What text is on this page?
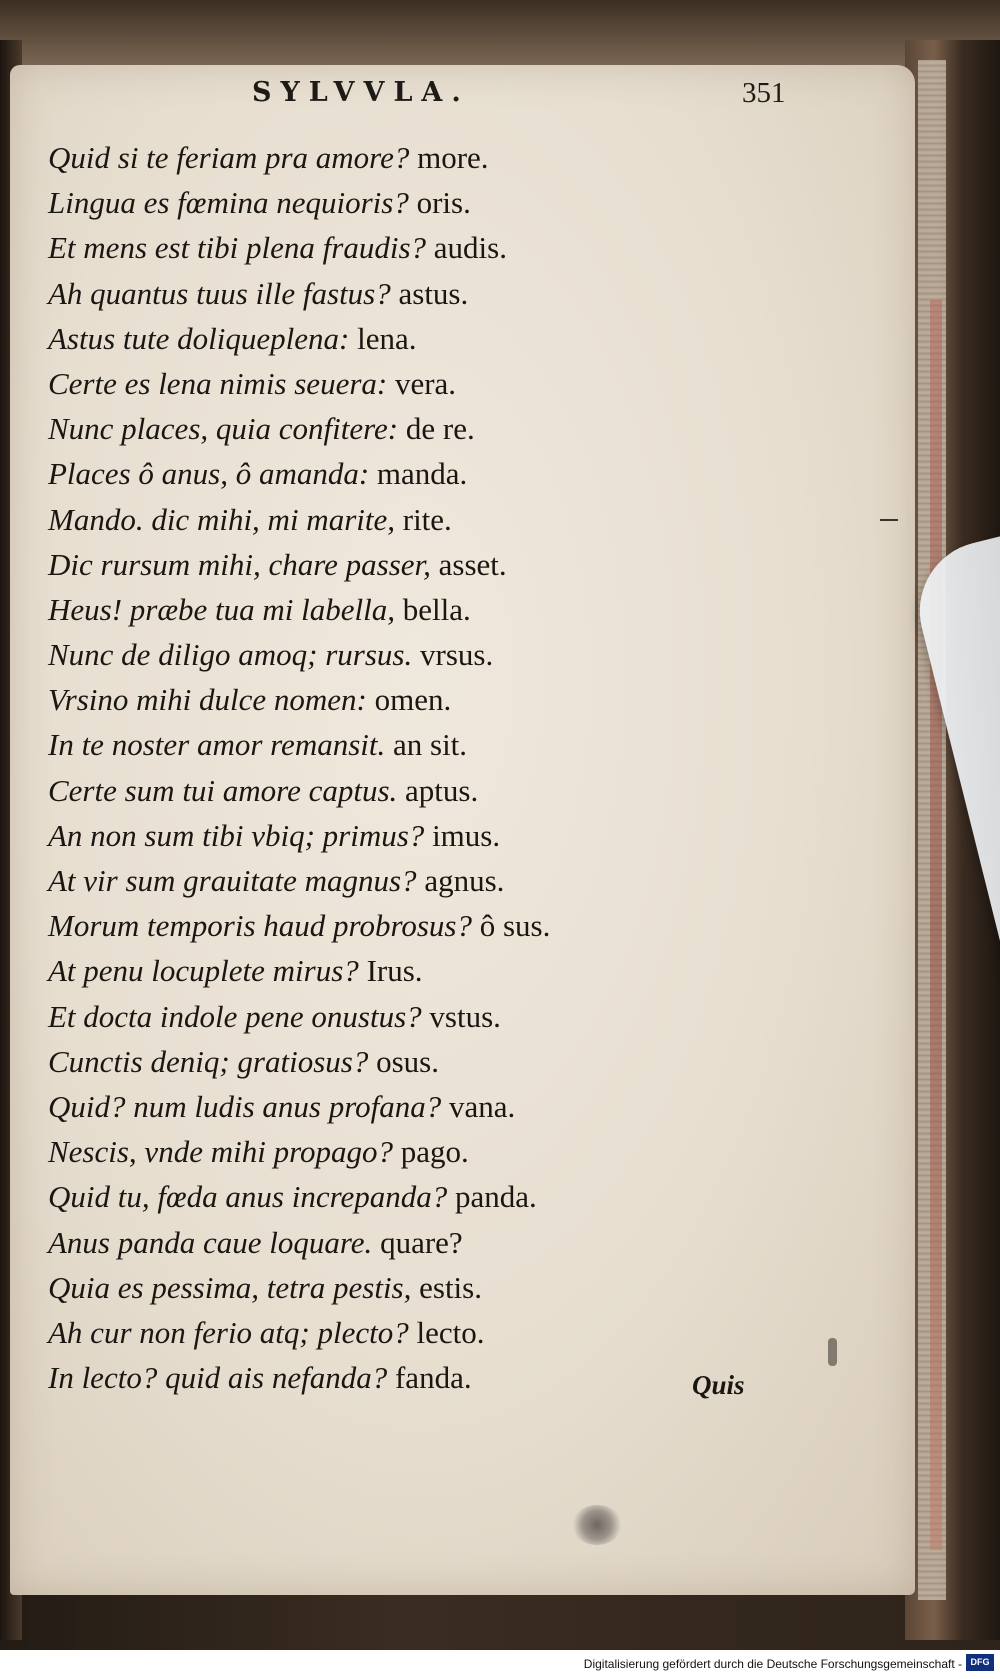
SYLVVLA.	351
Quid si te feriam pra amore? more.
Lingua es fœmina nequioris? oris.
Et mens est tibi plena fraudis? audis.
Ah quantus tuus ille fastus? astus.
Astus tute doliqueplena: lena.
Certe es lena nimis seuera: vera.
Nunc places, quia confitere: de re.
Places ô anus, ô amanda: manda.
Mando. dic mihi, mi marite, rite.
Dic rursum mihi, chare passer, asset.
Heus! præbe tua mi labella, bella.
Nunc de diligo amoq; rursus. vrsus.
Vrsino mihi dulce nomen: omen.
In te noster amor remansit. an sit.
Certe sum tui amore captus. aptus.
An non sum tibi vbiq; primus? imus.
At vir sum grauitate magnus? agnus.
Morum temporis haud probrosus? ô sus.
At penu locuplete mirus? Irus.
Et docta indole pene onustus? vstus.
Cunctis deniq; gratiosus? osus.
Quid? num ludis anus profana? vana.
Nescis, vnde mihi propago? pago.
Quid tu, fœda anus increpanda? panda.
Anus panda caue loquare. quare?
Quia es pessima, tetra pestis, estis.
Ah cur non ferio atq; plecto? lecto.
In lecto? quid ais nefanda? fanda.	Quis
Digitalisierung gefördert durch die Deutsche Forschungsgemeinschaft - DFG
